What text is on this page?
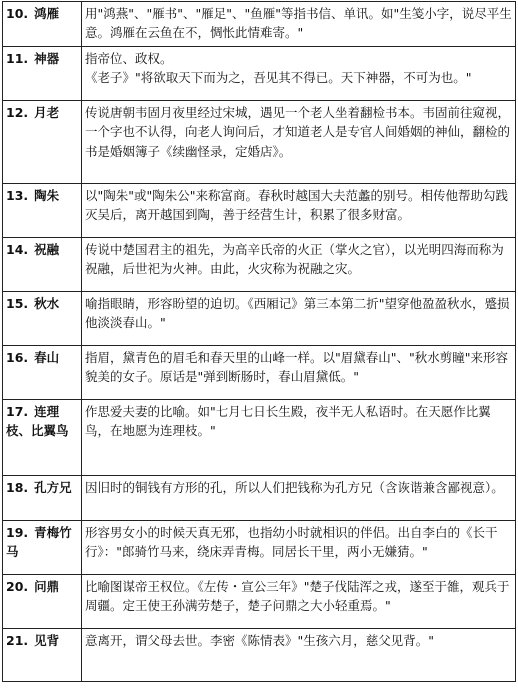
10. 鸿雁	用"鸿燕"、"雁书"、"雁足"、"鱼雁"等指书信、单讯。如"生笺小字，说尽平生意。鸿雁在云鱼在不，惆怅此情难寄。"

11. 神器	指帝位、政权。
《老子》"将欲取天下而为之，吾见其不得已。天下神器，不可为也。"

12. 月老	传说唐朝韦固月夜里经过宋城，遇见一个老人坐着翻检书本。韦固前往窥视，一个字也不认得，向老人询问后，才知道老人是专官人间婚姻的神仙，翻检的书是婚姻簿子《续幽怪录，定婚店》。

13. 陶朱	以"陶朱"或"陶朱公"来称富商。春秋时越国大夫范蠡的别号。相传他帮助勾践灭吴后，离开越国到陶，善于经营生计，积累了很多财富。

14. 祝融	传说中楚国君主的祖先，为高辛氏帝的火正（掌火之官），以光明四海而称为祝融，后世祀为火神。由此，火灾称为祝融之灾。

15. 秋水	喻指眼睛，形容盼望的迫切。《西厢记》第三本第二折"望穿他盈盈秋水，蹙损他淡淡春山。"

16. 春山	指眉，黛青色的眉毛和春天里的山峰一样。以"眉黛春山"、"秋水剪瞳"来形容貌美的女子。原话是"弹到断肠时，春山眉黛低。"

17. 连理枝、比翼鸟	作思爱夫妻的比喻。如"七月七日长生殿，夜半无人私语时。在天愿作比翼鸟，在地愿为连理枝。"

18. 孔方兄	因旧时的铜钱有方形的孔，所以人们把钱称为孔方兄（含诙谐兼含鄙视意）。

19. 青梅竹马	形容男女小的时候天真无邪，也指幼小时就相识的伴侣。出自李白的《长干行》："郎骑竹马来，绕床弄青梅。同居长干里，两小无嫌猜。"

20. 问鼎	比喻图谋帝王权位。《左传・宣公三年》"楚子伐陆浑之戎，遂至于雒，观兵于周疆。定王使王孙满劳楚子，楚子问鼎之大小轻重焉。"

21. 见背	意离开，谓父母去世。李密《陈情表》"生孩六月，慈父见背。"
